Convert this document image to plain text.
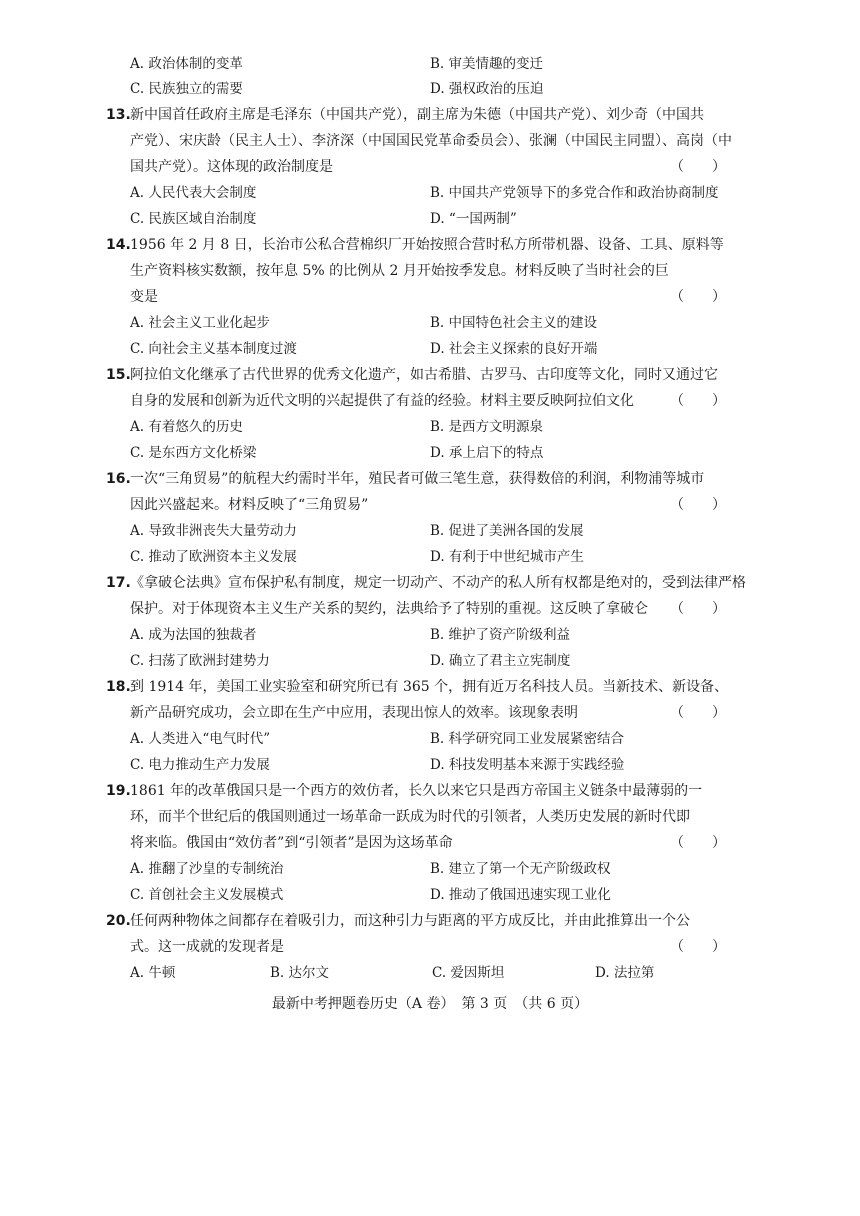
A. 政治体制的变革	B. 审美情趣的变迁
C. 民族独立的需要	D. 强权政治的压迫
13. 新中国首任政府主席是毛泽东（中国共产党），副主席为朱德（中国共产党）、刘少奇（中国共
产党）、宋庆龄（民主人士）、李济深（中国国民党革命委员会）、张澜（中国民主同盟）、高岗（中
国共产党）。这体现的政治制度是	（　　）
A. 人民代表大会制度	B. 中国共产党领导下的多党合作和政治协商制度
C. 民族区域自治制度	D. “一国两制”
14. 1956 年 2 月 8 日，长治市公私合营棉织厂开始按照合营时私方所带机器、设备、工具、原料等
生产资料核实数额，按年息 5% 的比例从 2 月开始按季发息。材料反映了当时社会的巨
变是	（　　）
A. 社会主义工业化起步	B. 中国特色社会主义的建设
C. 向社会主义基本制度过渡	D. 社会主义探索的良好开端
15. 阿拉伯文化继承了古代世界的优秀文化遗产，如古希腊、古罗马、古印度等文化，同时又通过它
自身的发展和创新为近代文明的兴起提供了有益的经验。材料主要反映阿拉伯文化	（　　）
A. 有着悠久的历史	B. 是西方文明源泉
C. 是东西方文化桥梁	D. 承上启下的特点
16. 一次“三角贸易”的航程大约需时半年，殖民者可做三笔生意，获得数倍的利润，利物浦等城市
因此兴盛起来。材料反映了“三角贸易”	（　　）
A. 导致非洲丧失大量劳动力	B. 促进了美洲各国的发展
C. 推动了欧洲资本主义发展	D. 有利于中世纪城市产生
17. 《拿破仑法典》宣布保护私有制度，规定一切动产、不动产的私人所有权都是绝对的，受到法律严格
保护。对于体现资本主义生产关系的契约，法典给予了特别的重视。这反映了拿破仑 （　　）
A. 成为法国的独裁者	B. 维护了资产阶级利益
C. 扫荡了欧洲封建势力	D. 确立了君主立宪制度
18. 到 1914 年，美国工业实验室和研究所已有 365 个，拥有近万名科技人员。当新技术、新设备、
新产品研究成功，会立即在生产中应用，表现出惊人的效率。该现象表明	（　　）
A. 人类进入“电气时代”	B. 科学研究同工业发展紧密结合
C. 电力推动生产力发展	D. 科技发明基本来源于实践经验
19. 1861 年的改革俄国只是一个西方的效仿者，长久以来它只是西方帝国主义链条中最薄弱的一
环，而半个世纪后的俄国则通过一场革命一跃成为时代的引领者，人类历史发展的新时代即
将来临。俄国由“效仿者”到“引领者”是因为这场革命	（　　）
A. 推翻了沙皇的专制统治	B. 建立了第一个无产阶级政权
C. 首创社会主义发展模式	D. 推动了俄国迅速实现工业化
20. 任何两种物体之间都存在着吸引力，而这种引力与距离的平方成反比，并由此推算出一个公
式。这一成就的发现者是	（　　）
A. 牛顿	B. 达尔文	C. 爱因斯坦	D. 法拉第
最新中考押题卷历史（A 卷）　第 3 页　（共 6 页）
